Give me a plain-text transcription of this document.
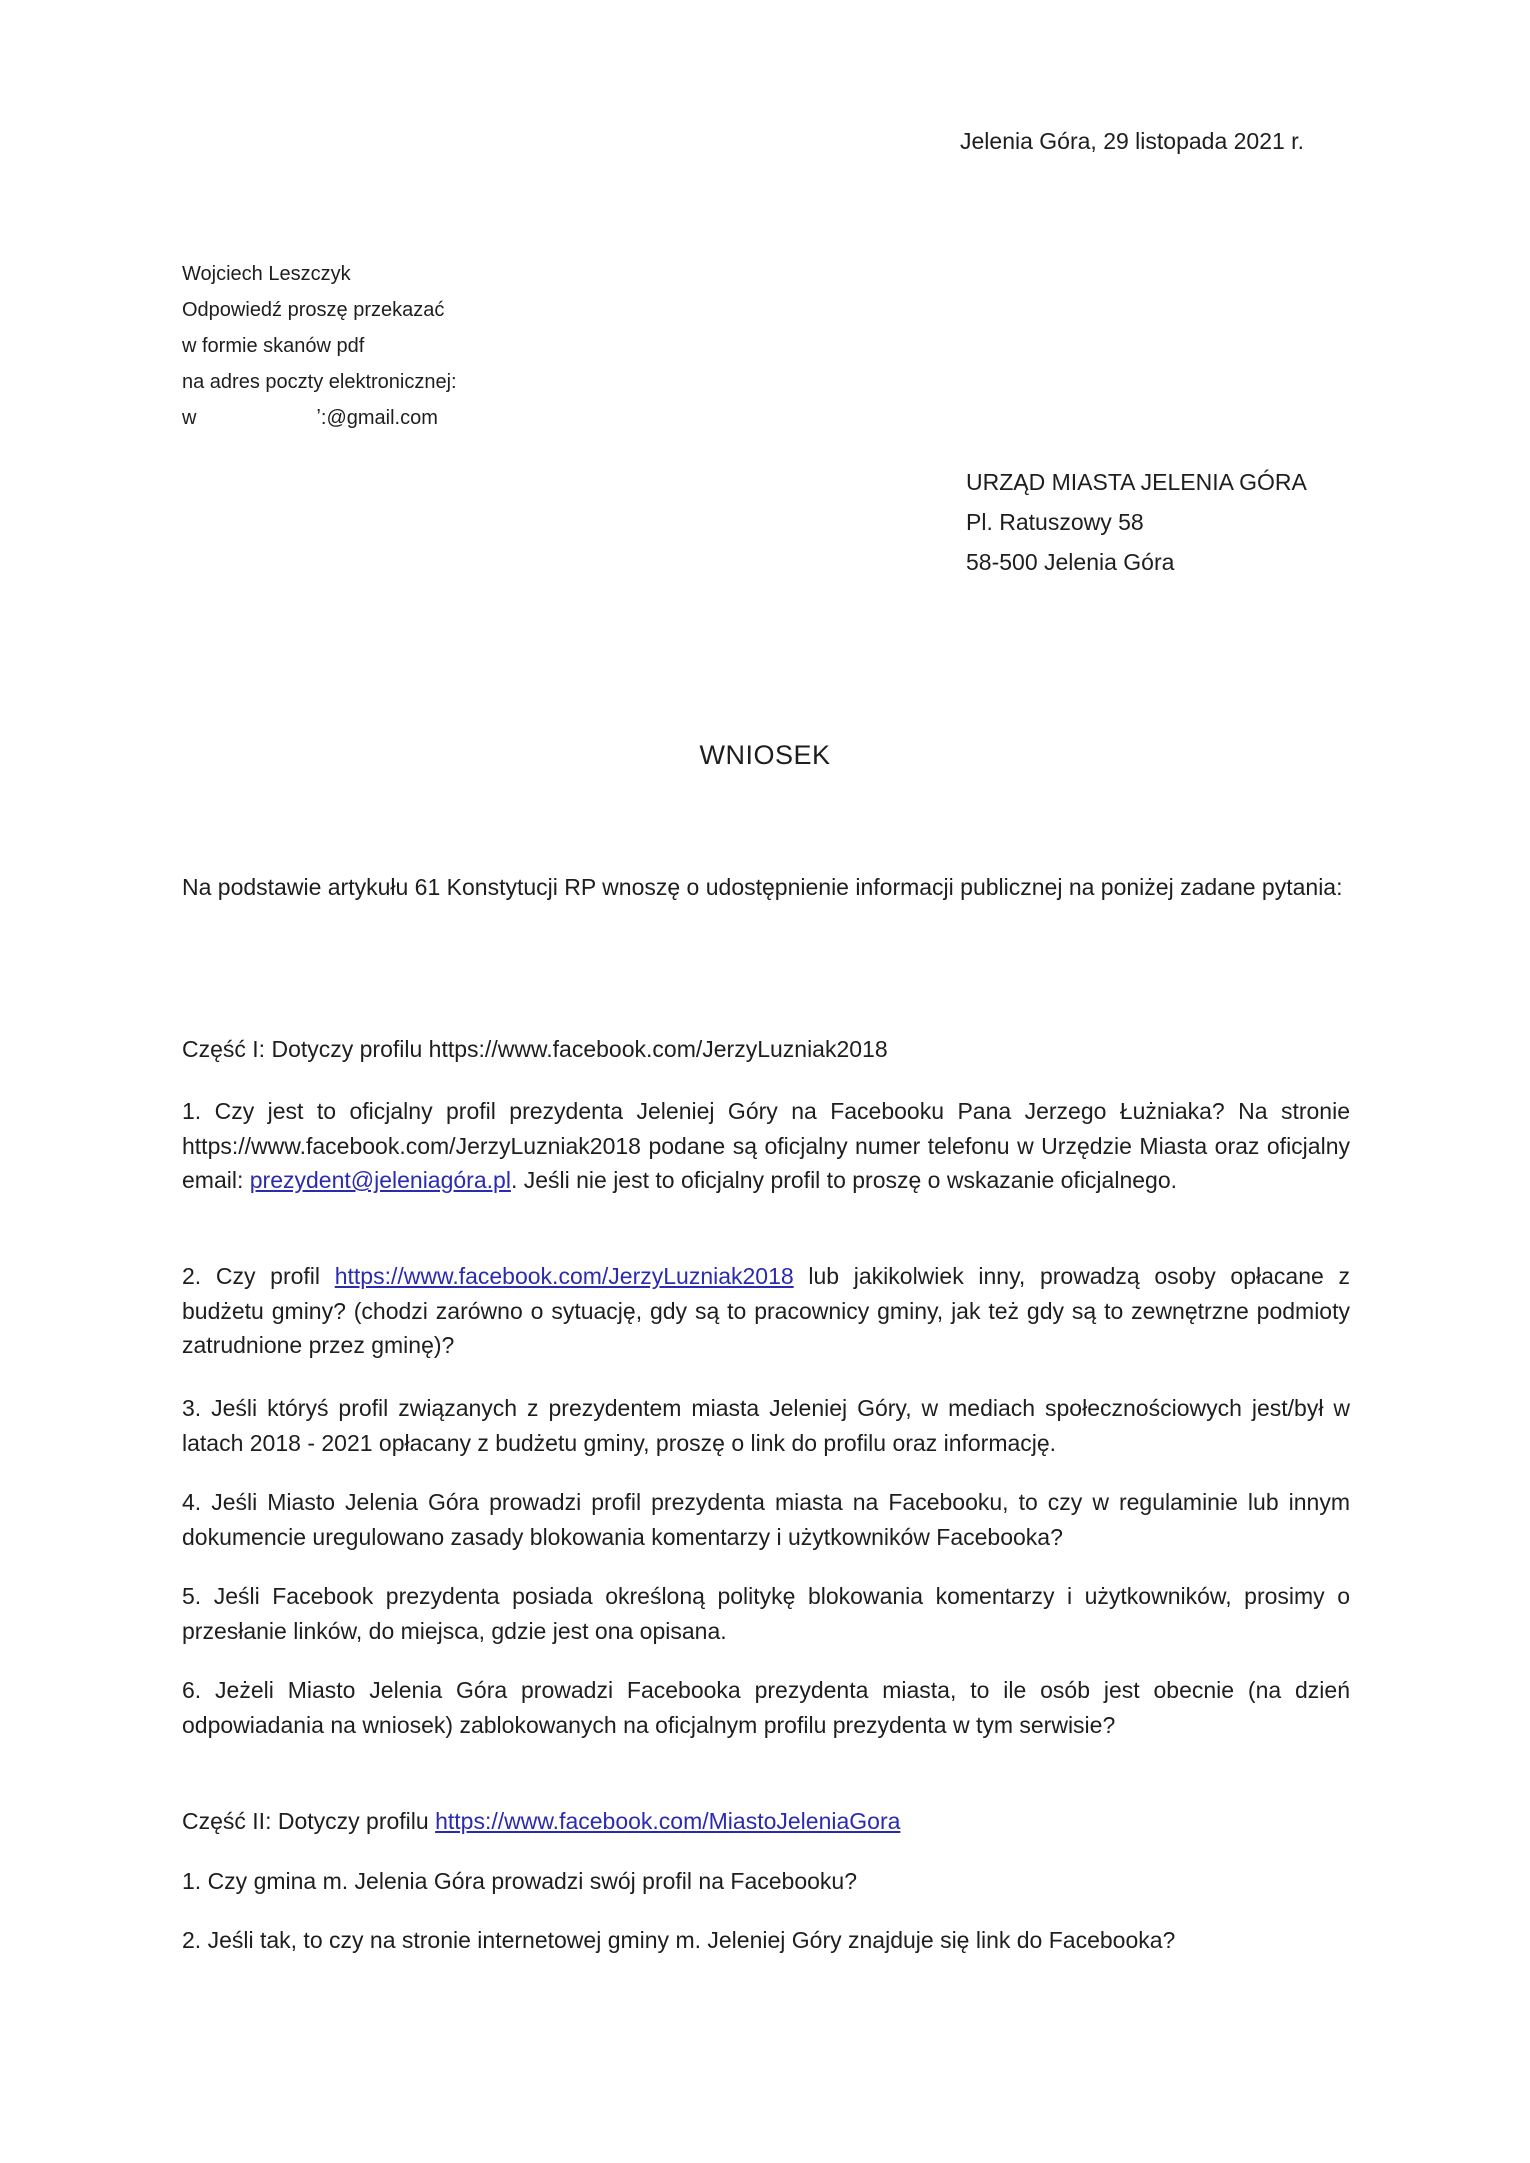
Jelenia Góra, 29 listopada 2021 r.
Wojciech Leszczyk
Odpowiedź proszę przekazać
w formie skanów pdf
na adres poczty elektronicznej:
w	ʼ:@gmail.com
URZĄD MIASTA JELENIA GÓRA
Pl. Ratuszowy 58
58-500 Jelenia Góra
WNIOSEK

Na podstawie artykułu 61 Konstytucji RP wnoszę o udostępnienie informacji publicznej na poniżej zadane pytania:

Część I: Dotyczy profilu https://www.facebook.com/JerzyLuzniak2018

1. Czy jest to oficjalny profil prezydenta Jeleniej Góry na Facebooku Pana Jerzego Łużniaka? Na stronie https://www.facebook.com/JerzyLuzniak2018 podane są oficjalny numer telefonu w Urzędzie Miasta oraz oficjalny email: prezydent@jeleniagóra.pl. Jeśli nie jest to oficjalny profil to proszę o wskazanie oficjalnego.

2. Czy profil https://www.facebook.com/JerzyLuzniak2018 lub jakikolwiek inny, prowadzą osoby opłacane z budżetu gminy? (chodzi zarówno o sytuację, gdy są to pracownicy gminy, jak też gdy są to zewnętrzne podmioty zatrudnione przez gminę)?

3. Jeśli któryś profil związanych z prezydentem miasta Jeleniej Góry, w mediach społecznościowych jest/był w latach 2018 - 2021 opłacany z budżetu gminy, proszę o link do profilu oraz informację.

4. Jeśli Miasto Jelenia Góra prowadzi profil prezydenta miasta na Facebooku, to czy w regulaminie lub innym dokumencie uregulowano zasady blokowania komentarzy i użytkowników Facebooka?

5. Jeśli Facebook prezydenta posiada określoną politykę blokowania komentarzy i użytkowników, prosimy o przesłanie linków, do miejsca, gdzie jest ona opisana.

6. Jeżeli Miasto Jelenia Góra prowadzi Facebooka prezydenta miasta, to ile osób jest obecnie (na dzień odpowiadania na wniosek) zablokowanych na oficjalnym profilu prezydenta w tym serwisie?

Część II: Dotyczy profilu https://www.facebook.com/MiastoJeleniaGora

1. Czy gmina m. Jelenia Góra prowadzi swój profil na Facebooku?

2. Jeśli tak, to czy na stronie internetowej gminy m. Jeleniej Góry znajduje się link do Facebooka?
